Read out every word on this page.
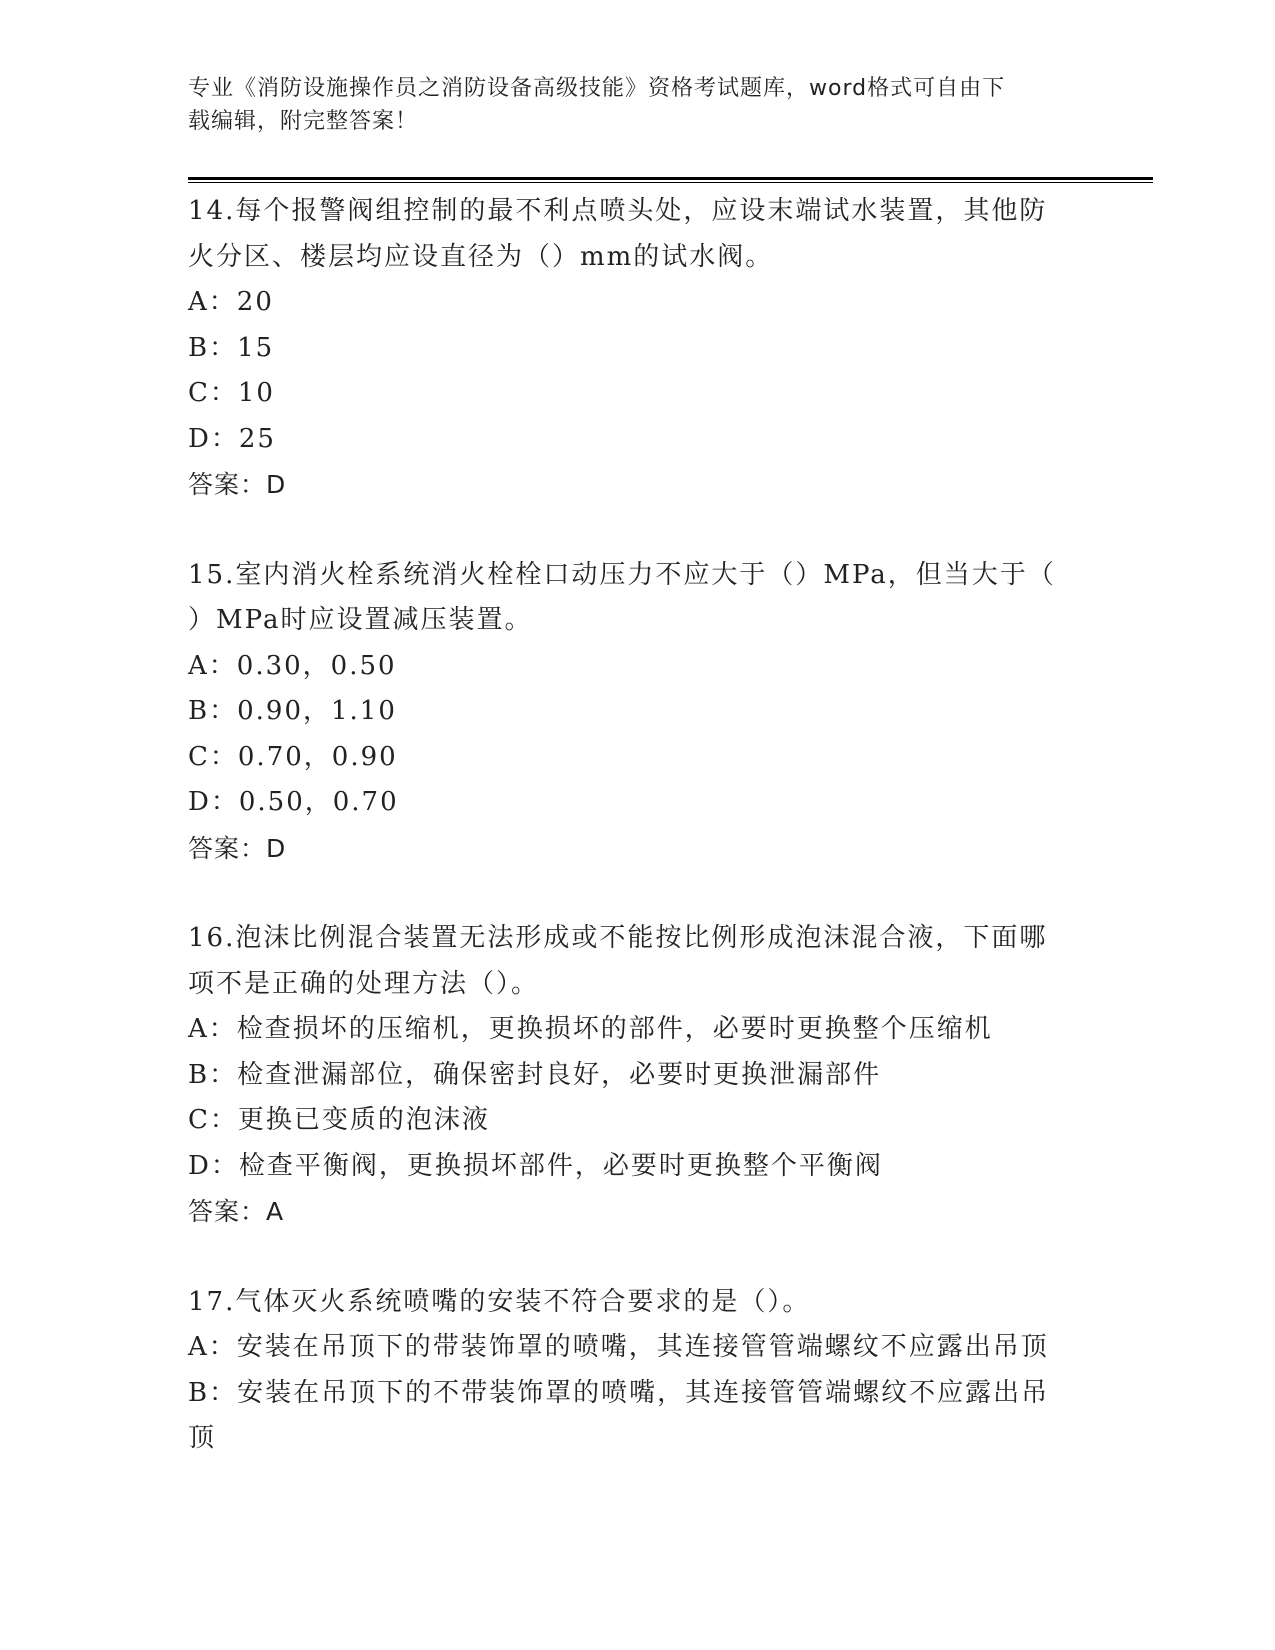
专业《消防设施操作员之消防设备高级技能》资格考试题库，word格式可自由下
载编辑，附完整答案！

14.每个报警阀组控制的最不利点喷头处，应设末端试水装置，其他防

火分区、楼层均应设直径为（）mm的试水阀。

A：20

B：15

C：10

D：25

答案：D

15.室内消火栓系统消火栓栓口动压力不应大于（）MPa，但当大于（

）MPa时应设置减压装置。

A：0.30，0.50

B：0.90，1.10

C：0.70，0.90

D：0.50，0.70

答案：D

16.泡沫比例混合装置无法形成或不能按比例形成泡沫混合液，下面哪

项不是正确的处理方法（）。

A：检查损坏的压缩机，更换损坏的部件，必要时更换整个压缩机

B：检查泄漏部位，确保密封良好，必要时更换泄漏部件

C：更换已变质的泡沫液

D：检查平衡阀，更换损坏部件，必要时更换整个平衡阀

答案：A

17.气体灭火系统喷嘴的安装不符合要求的是（）。

A：安装在吊顶下的带装饰罩的喷嘴，其连接管管端螺纹不应露出吊顶

B：安装在吊顶下的不带装饰罩的喷嘴，其连接管管端螺纹不应露出吊

顶
